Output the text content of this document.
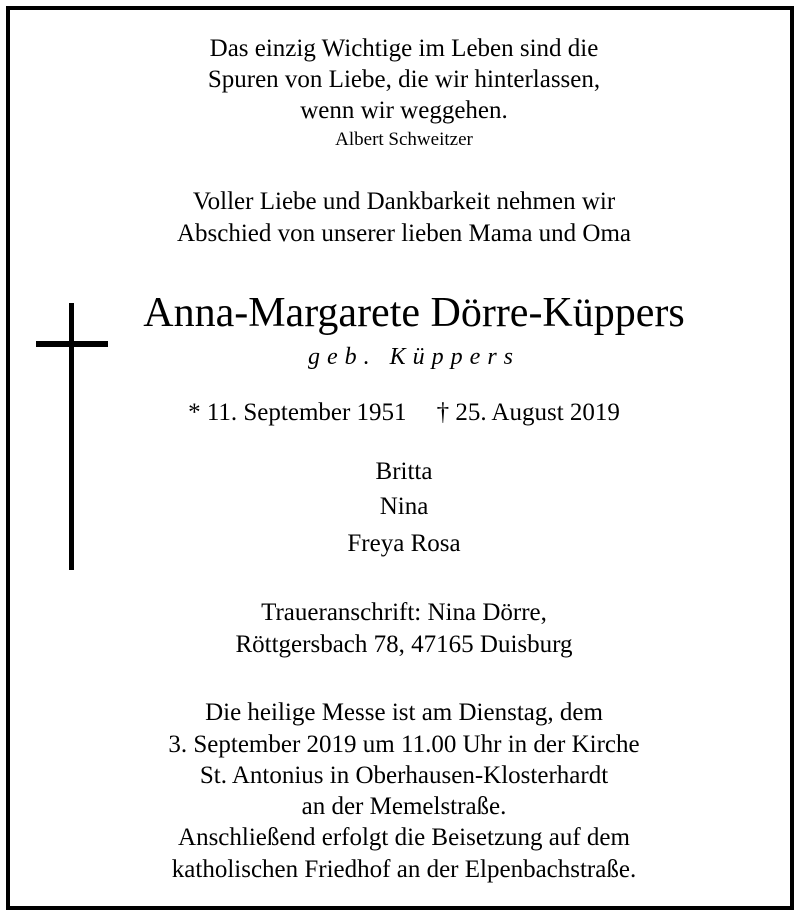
Das einzig Wichtige im Leben sind die
Spuren von Liebe, die wir hinterlassen,
wenn wir weggehen.
Albert Schweitzer
Voller Liebe und Dankbarkeit nehmen wir
Abschied von unserer lieben Mama und Oma
Anna-Margarete Dörre-Küppers
geb. Küppers
* 11. September 1951 † 25. August 2019
Britta
Nina
Freya Rosa
Traueranschrift: Nina Dörre,
Röttgersbach 78, 47165 Duisburg
Die heilige Messe ist am Dienstag, dem
3. September 2019 um 11.00 Uhr in der Kirche
St. Antonius in Oberhausen-Klosterhardt
an der Memelstraße.
Anschließend erfolgt die Beisetzung auf dem
katholischen Friedhof an der Elpenbachstraße.
